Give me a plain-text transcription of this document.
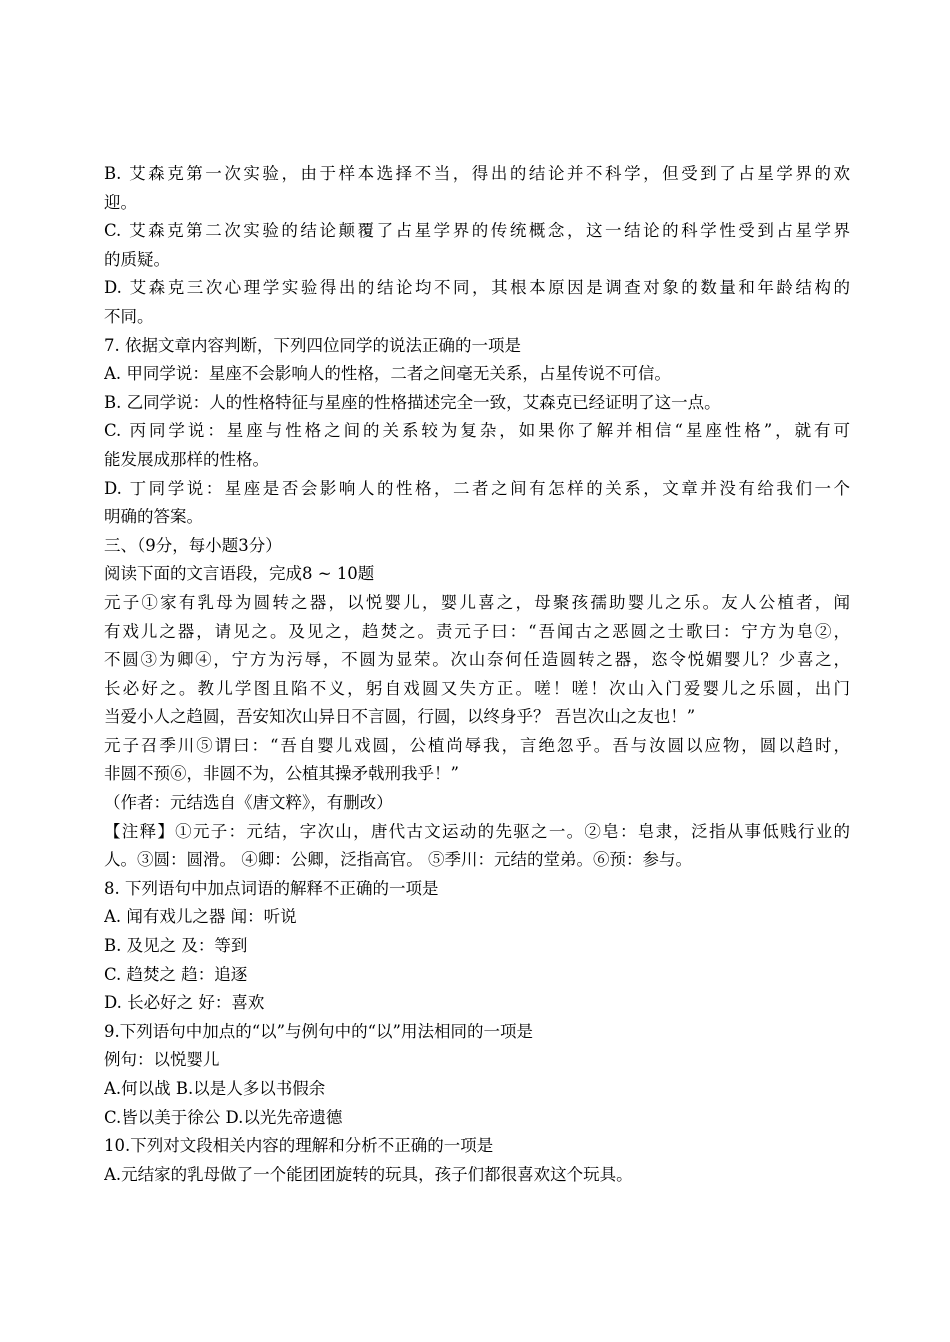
B. 艾森克第一次实验，由于样本选择不当，得出的结论并不科学，但受到了占星学界的欢
迎。
C. 艾森克第二次实验的结论颠覆了占星学界的传统概念，这一结论的科学性受到占星学界
的质疑。
D. 艾森克三次心理学实验得出的结论均不同，其根本原因是调查对象的数量和年龄结构的
不同。
7. 依据文章内容判断，下列四位同学的说法正确的一项是
A. 甲同学说：星座不会影响人的性格，二者之间毫无关系，占星传说不可信。
B. 乙同学说：人的性格特征与星座的性格描述完全一致，艾森克已经证明了这一点。
C. 丙同学说：星座与性格之间的关系较为复杂，如果你了解并相信“星座性格”，就有可
能发展成那样的性格。
D. 丁同学说：星座是否会影响人的性格，二者之间有怎样的关系，文章并没有给我们一个
明确的答案。
三、（9分，每小题3分）
阅读下面的文言语段，完成8 ~ 10题
元子①家有乳母为圆转之器，以悦婴儿，婴儿喜之，母聚孩孺助婴儿之乐。友人公植者，闻
有戏儿之器，请见之。及见之，趋焚之。责元子曰：“吾闻古之恶圆之士歌曰：宁方为皂②，
不圆③为卿④，宁方为污辱，不圆为显荣。次山奈何任造圆转之器，恣令悦媚婴儿？少喜之，
长必好之。教儿学图且陷不义，躬自戏圆又失方正。嗟！嗟！次山入门爱婴儿之乐圆，出门
当爱小人之趋圆，吾安知次山异日不言圆，行圆，以终身乎？ 吾岂次山之友也！”
元子召季川⑤谓曰：“吾自婴儿戏圆，公植尚辱我，言绝忽乎。吾与汝圆以应物，圆以趋时，
非圆不预⑥，非圆不为，公植其操矛戟刑我乎！”
（作者：元结选自《唐文粹》，有删改）
【注释】①元子：元结，字次山，唐代古文运动的先驱之一。②皂：皂隶，泛指从事低贱行业的
人。③圆：圆滑。 ④卿：公卿，泛指高官。 ⑤季川：元结的堂弟。⑥预：参与。
8. 下列语句中加点词语的解释不正确的一项是
A. 闻有戏儿之器 闻：听说
B. 及见之 及：等到
C. 趋焚之 趋：追逐
D. 长必好之 好：喜欢
9.下列语句中加点的“以”与例句中的“以”用法相同的一项是
例句：以悦婴儿
A.何以战 B.以是人多以书假余
C.皆以美于徐公 D.以光先帝遗德
10.下列对文段相关内容的理解和分析不正确的一项是
A.元结家的乳母做了一个能团团旋转的玩具，孩子们都很喜欢这个玩具。
